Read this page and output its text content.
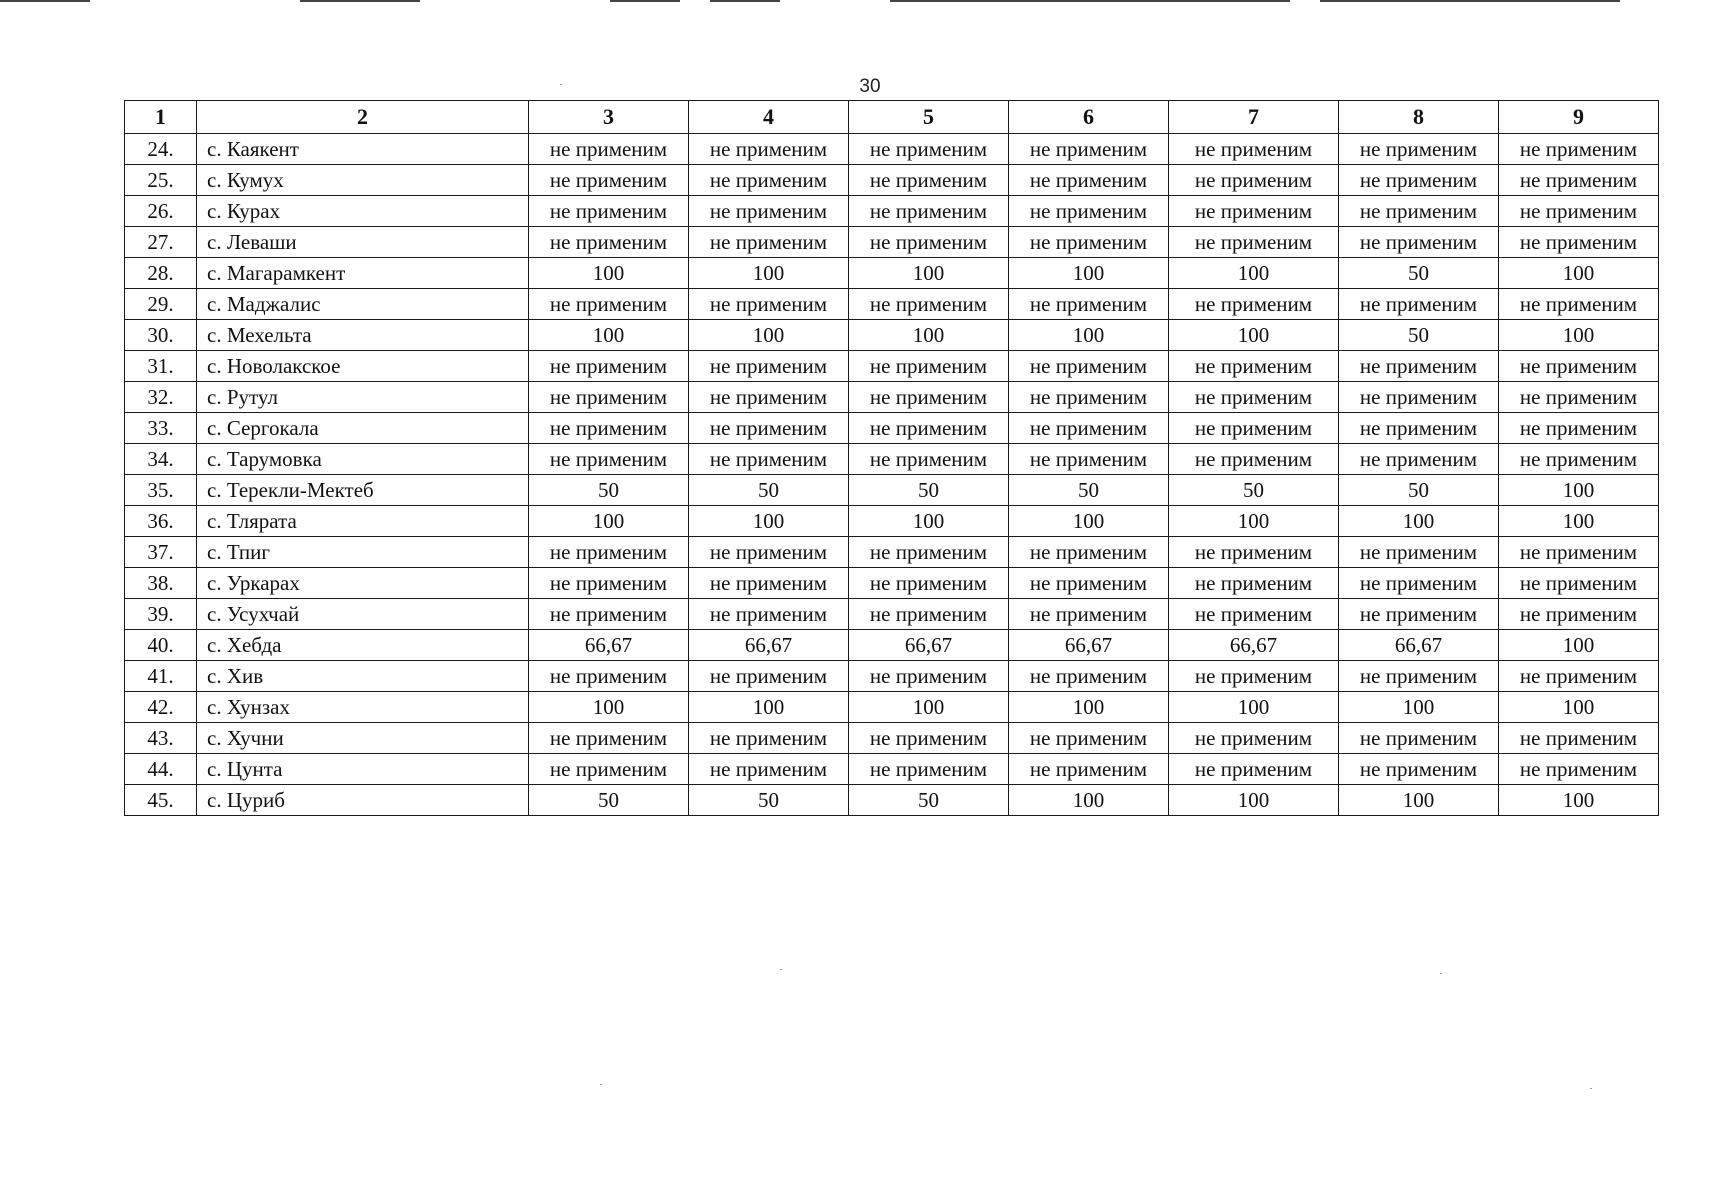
30
1	2	3	4	5	6	7	8	9
24.	с. Каякент	не применим	не применим	не применим	не применим	не применим	не применим	не применим
25.	с. Кумух	не применим	не применим	не применим	не применим	не применим	не применим	не применим
26.	с. Курах	не применим	не применим	не применим	не применим	не применим	не применим	не применим
27.	с. Леваши	не применим	не применим	не применим	не применим	не применим	не применим	не применим
28.	с. Магарамкент	100	100	100	100	100	50	100
29.	с. Маджалис	не применим	не применим	не применим	не применим	не применим	не применим	не применим
30.	с. Мехельта	100	100	100	100	100	50	100
31.	с. Новолакское	не применим	не применим	не применим	не применим	не применим	не применим	не применим
32.	с. Рутул	не применим	не применим	не применим	не применим	не применим	не применим	не применим
33.	с. Сергокала	не применим	не применим	не применим	не применим	не применим	не применим	не применим
34.	с. Тарумовка	не применим	не применим	не применим	не применим	не применим	не применим	не применим
35.	с. Терекли-Мектеб	50	50	50	50	50	50	100
36.	с. Тлярата	100	100	100	100	100	100	100
37.	с. Тпиг	не применим	не применим	не применим	не применим	не применим	не применим	не применим
38.	с. Уркарах	не применим	не применим	не применим	не применим	не применим	не применим	не применим
39.	с. Усухчай	не применим	не применим	не применим	не применим	не применим	не применим	не применим
40.	с. Хебда	66,67	66,67	66,67	66,67	66,67	66,67	100
41.	с. Хив	не применим	не применим	не применим	не применим	не применим	не применим	не применим
42.	с. Хунзах	100	100	100	100	100	100	100
43.	с. Хучни	не применим	не применим	не применим	не применим	не применим	не применим	не применим
44.	с. Цунта	не применим	не применим	не применим	не применим	не применим	не применим	не применим
45.	с. Цуриб	50	50	50	100	100	100	100
